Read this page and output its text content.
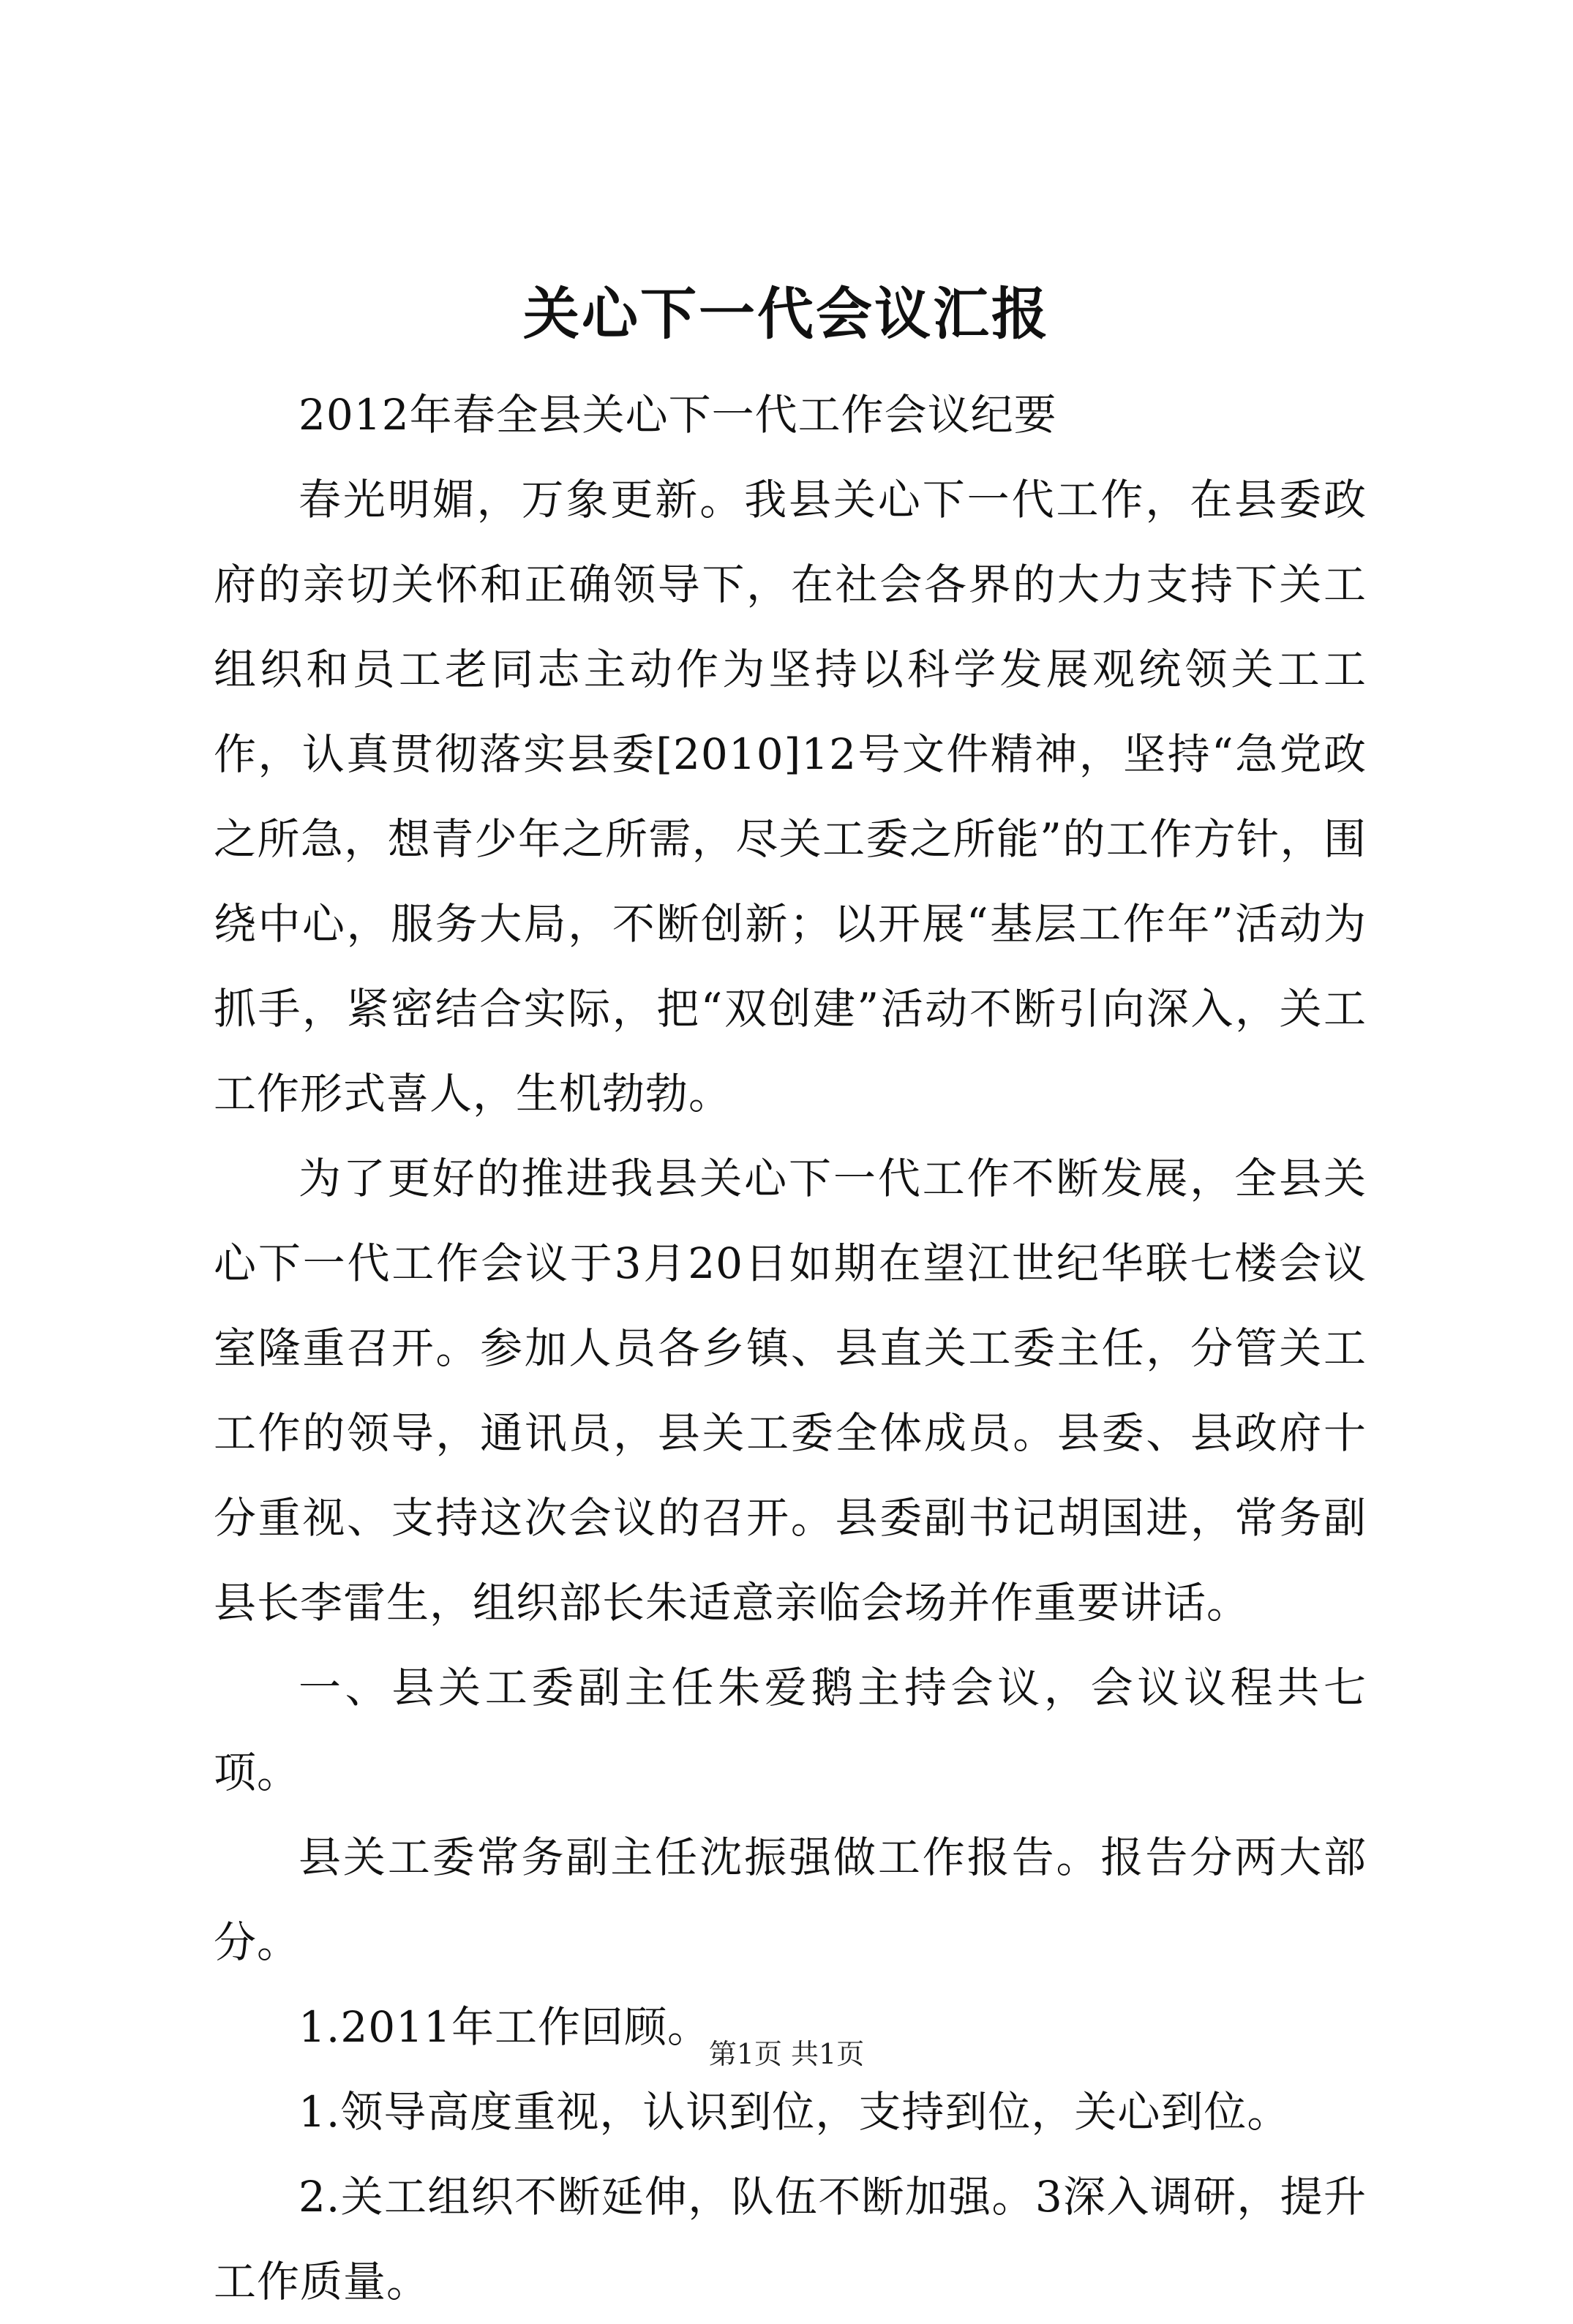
关心下一代会议汇报

2012年春全县关心下一代工作会议纪要

春光明媚，万象更新。我县关心下一代工作，在县委政府的亲切关怀和正确领导下，在社会各界的大力支持下关工组织和员工老同志主动作为坚持以科学发展观统领关工工作，认真贯彻落实县委[2010]12号文件精神，坚持“急党政之所急，想青少年之所需，尽关工委之所能”的工作方针，围绕中心，服务大局，不断创新；以开展“基层工作年”活动为抓手，紧密结合实际，把“双创建”活动不断引向深入，关工工作形式喜人，生机勃勃。

为了更好的推进我县关心下一代工作不断发展，全县关心下一代工作会议于3月20日如期在望江世纪华联七楼会议室隆重召开。参加人员各乡镇、县直关工委主任，分管关工工作的领导，通讯员，县关工委全体成员。县委、县政府十分重视、支持这次会议的召开。县委副书记胡国进，常务副县长李雷生，组织部长朱适意亲临会场并作重要讲话。

一、县关工委副主任朱爱鹅主持会议，会议议程共七项。

县关工委常务副主任沈振强做工作报告。报告分两大部分。

1.2011年工作回顾。

1.领导高度重视，认识到位，支持到位，关心到位。

2.关工组织不断延伸，队伍不断加强。3深入调研，提升工作质量。

第1页 共1页
